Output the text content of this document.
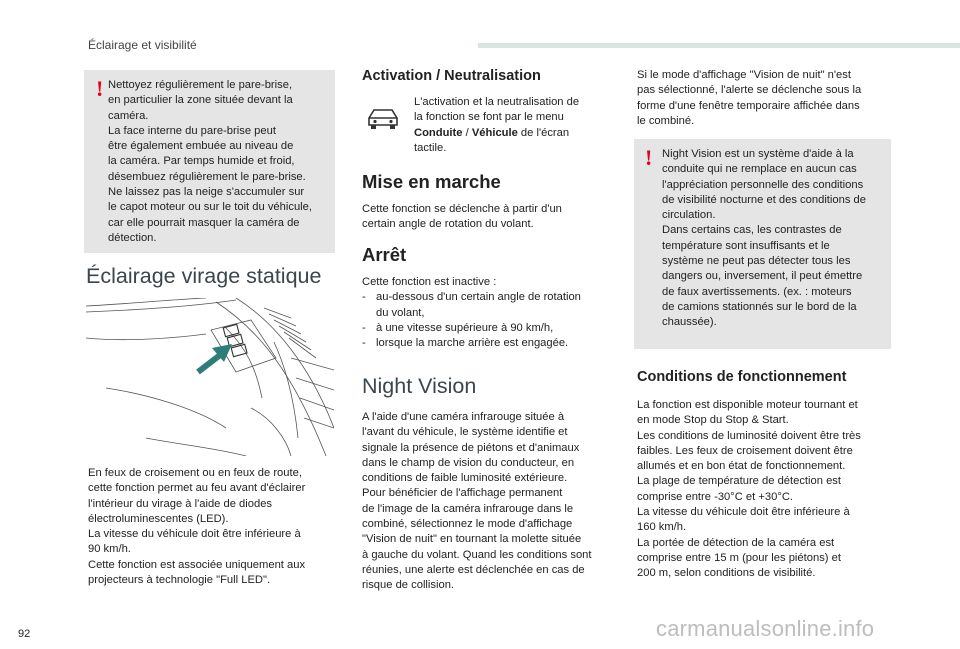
Éclairage et visibilité
! Nettoyez régulièrement le pare-brise,

en particulier la zone située devant la

caméra.

La face interne du pare-brise peut

être également embuée au niveau de

la caméra. Par temps humide et froid,

désembuez régulièrement le pare-brise.

Ne laissez pas la neige s'accumuler sur

le capot moteur ou sur le toit du véhicule,

car elle pourrait masquer la caméra de

détection.

Éclairage virage statique

En feux de croisement ou en feux de route,

cette fonction permet au feu avant d'éclairer

l'intérieur du virage à l'aide de diodes

électroluminescentes (LED).

La vitesse du véhicule doit être inférieure à

90 km/h.

Cette fonction est associée uniquement aux

projecteurs à technologie "Full LED".

Activation / Neutralisation

L'activation et la neutralisation de

la fonction se font par le menu

Conduite / Véhicule de l'écran

tactile.

Mise en marche

Cette fonction se déclenche à partir d'un

certain angle de rotation du volant.

Arrêt

Cette fonction est inactive :

- au-dessous d'un certain angle de rotation
du volant,
- à une vitesse supérieure à 90 km/h,
- lorsque la marche arrière est engagée.
Night Vision

A l'aide d'une caméra infrarouge située à

l'avant du véhicule, le système identifie et

signale la présence de piétons et d'animaux

dans le champ de vision du conducteur, en

conditions de faible luminosité extérieure.

Pour bénéficier de l'affichage permanent

de l'image de la caméra infrarouge dans le

combiné, sélectionnez le mode d'affichage

"Vision de nuit" en tournant la molette située

à gauche du volant. Quand les conditions sont

réunies, une alerte est déclenchée en cas de

risque de collision.

Si le mode d'affichage "Vision de nuit" n'est

pas sélectionné, l'alerte se déclenche sous la

forme d'une fenêtre temporaire affichée dans

le combiné.

! Night Vision est un système d'aide à la

conduite qui ne remplace en aucun cas

l'appréciation personnelle des conditions

de visibilité nocturne et des conditions de

circulation.

Dans certains cas, les contrastes de

température sont insuffisants et le

système ne peut pas détecter tous les

dangers ou, inversement, il peut émettre

de faux avertissements. (ex. : moteurs

de camions stationnés sur le bord de la

chaussée).

Conditions de fonctionnement

La fonction est disponible moteur tournant et

en mode Stop du Stop & Start.

Les conditions de luminosité doivent être très

faibles. Les feux de croisement doivent être

allumés et en bon état de fonctionnement.

La plage de température de détection est

comprise entre -30°C et +30°C.

La vitesse du véhicule doit être inférieure à

160 km/h.

La portée de détection de la caméra est

comprise entre 15 m (pour les piétons) et

200 m, selon conditions de visibilité.

92	carmanualsonline.info
